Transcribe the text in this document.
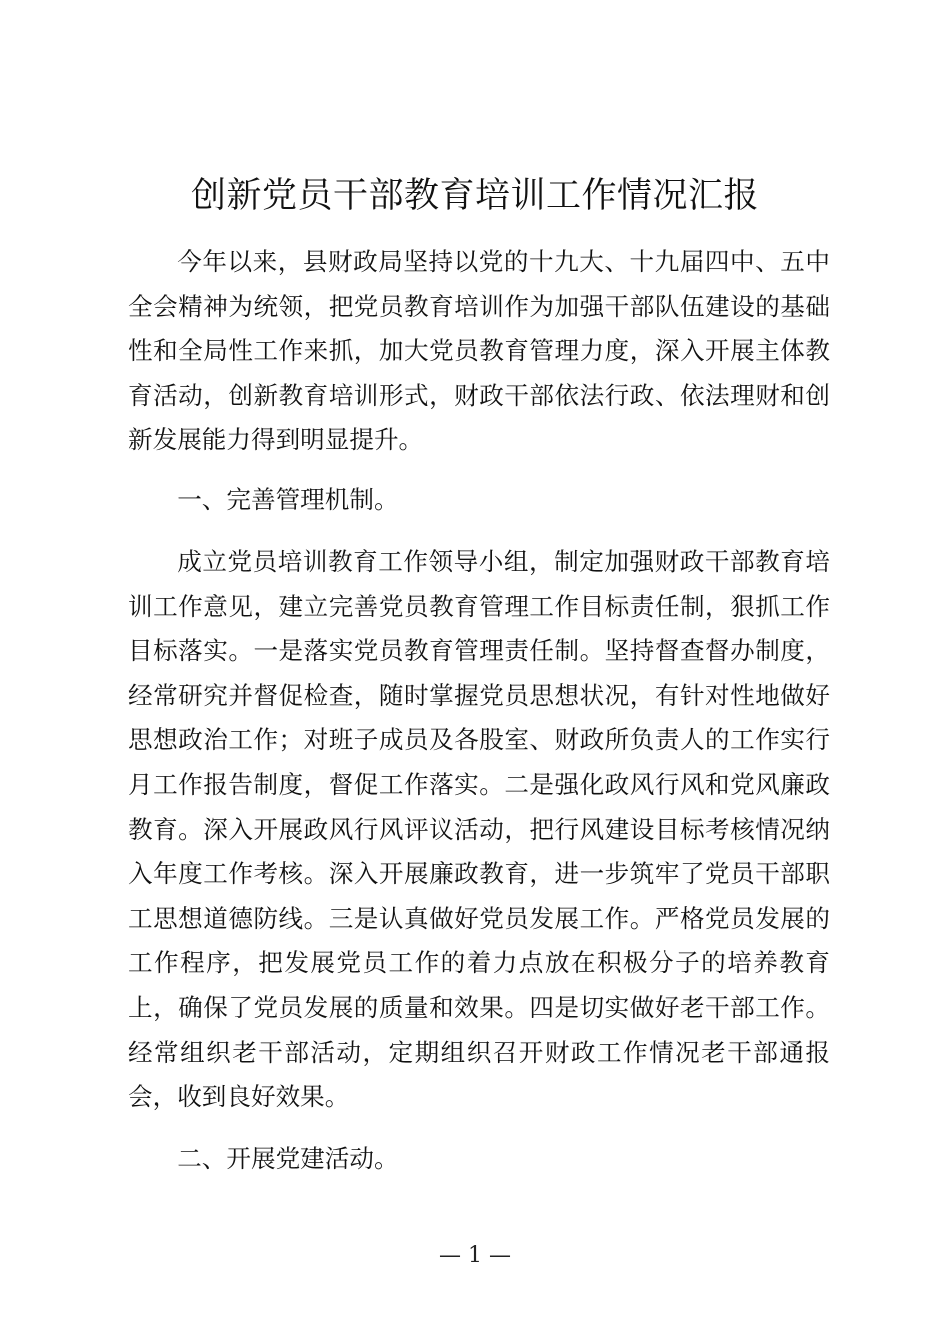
创新党员干部教育培训工作情况汇报

今年以来，县财政局坚持以党的十九大、十九届四中、五中全会精神为统领，把党员教育培训作为加强干部队伍建设的基础性和全局性工作来抓，加大党员教育管理力度，深入开展主体教育活动，创新教育培训形式，财政干部依法行政、依法理财和创新发展能力得到明显提升。

一、完善管理机制。

成立党员培训教育工作领导小组，制定加强财政干部教育培训工作意见，建立完善党员教育管理工作目标责任制，狠抓工作目标落实。一是落实党员教育管理责任制。坚持督查督办制度，经常研究并督促检查，随时掌握党员思想状况，有针对性地做好思想政治工作；对班子成员及各股室、财政所负责人的工作实行月工作报告制度，督促工作落实。二是强化政风行风和党风廉政教育。深入开展政风行风评议活动，把行风建设目标考核情况纳入年度工作考核。深入开展廉政教育，进一步筑牢了党员干部职工思想道德防线。三是认真做好党员发展工作。严格党员发展的工作程序，把发展党员工作的着力点放在积极分子的培养教育上，确保了党员发展的质量和效果。四是切实做好老干部工作。经常组织老干部活动，定期组织召开财政工作情况老干部通报会，收到良好效果。

二、开展党建活动。

— 1 —
